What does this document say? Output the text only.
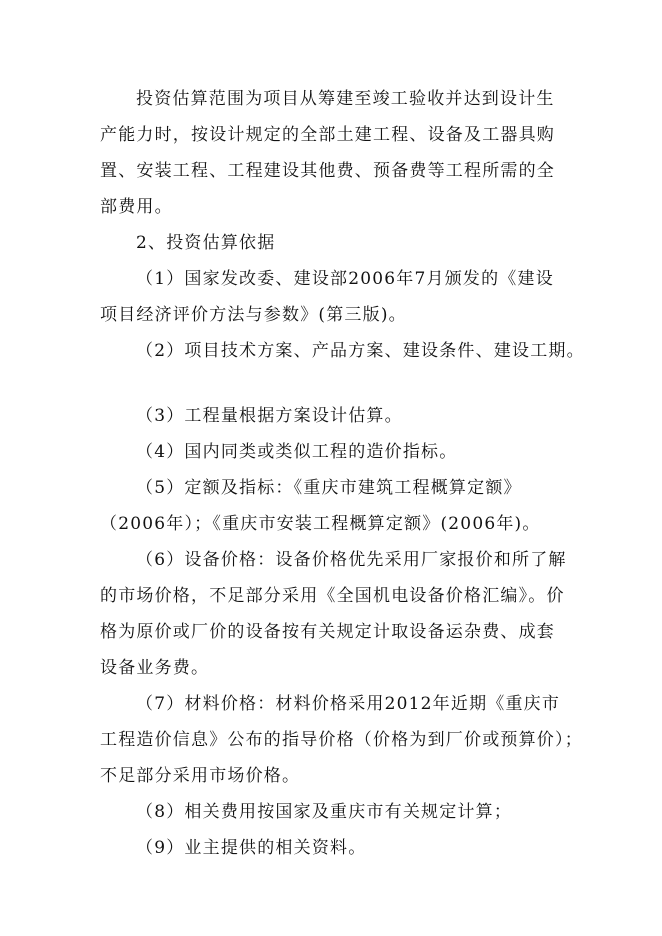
投资估算范围为项目从筹建至竣工验收并达到设计生
产能力时，按设计规定的全部土建工程、设备及工器具购
置、安装工程、工程建设其他费、预备费等工程所需的全
部费用。
2、投资估算依据
（1）国家发改委、建设部2006年7月颁发的《建设
项目经济评价方法与参数》(第三版)。
（2）项目技术方案、产品方案、建设条件、建设工期。
（3）工程量根据方案设计估算。
（4）国内同类或类似工程的造价指标。
（5）定额及指标：《重庆市建筑工程概算定额》
（2006年）；《重庆市安装工程概算定额》(2006年)。
（6）设备价格：设备价格优先采用厂家报价和所了解
的市场价格，不足部分采用《全国机电设备价格汇编》。价
格为原价或厂价的设备按有关规定计取设备运杂费、成套
设备业务费。
（7）材料价格：材料价格采用2012年近期《重庆市
工程造价信息》公布的指导价格（价格为到厂价或预算价）；
不足部分采用市场价格。
（8）相关费用按国家及重庆市有关规定计算；
（9）业主提供的相关资料。
